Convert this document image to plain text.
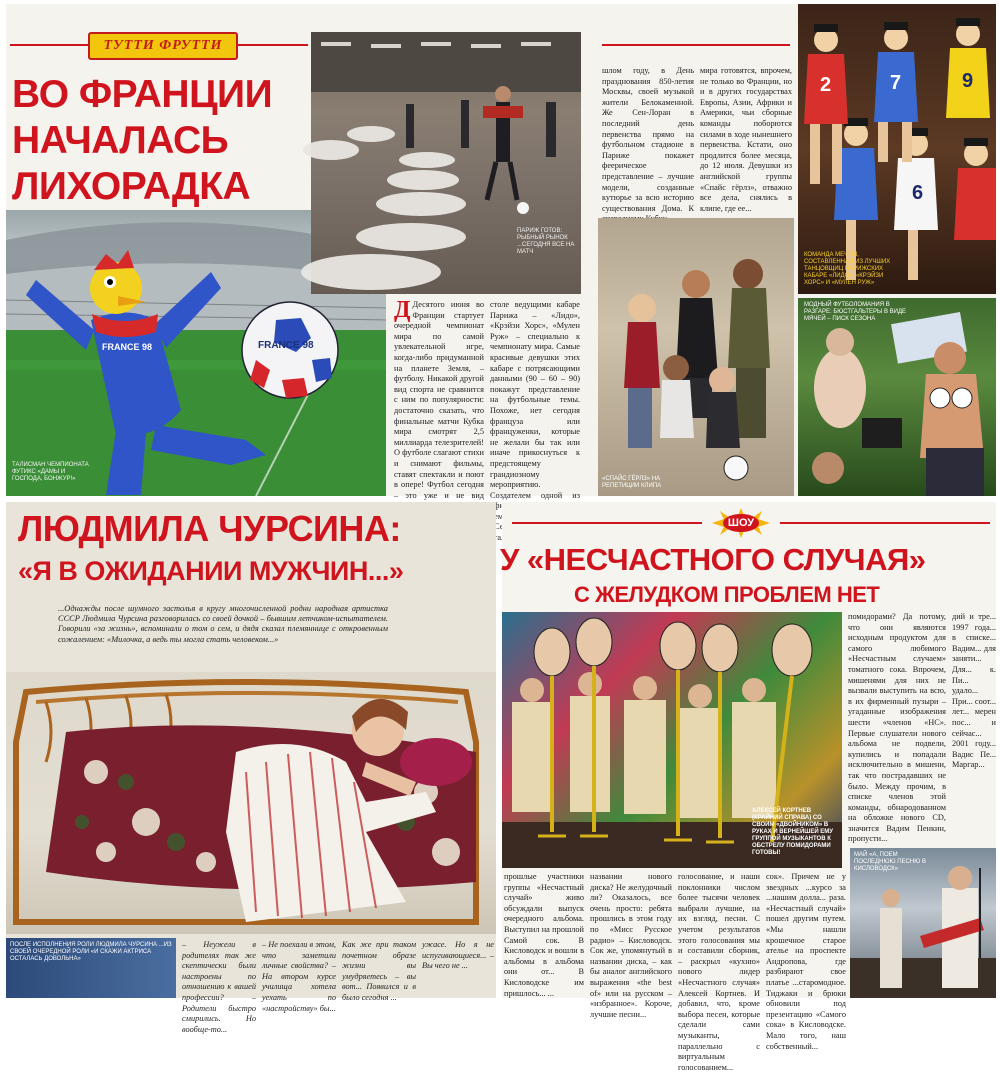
ТУТТИ ФРУТТИ
ВО ФРАНЦИИ
НАЧАЛАСЬ
ЛИХОРАДКА
FRANCE 98
FRANCE 98
ТАЛИСМАН ЧЕМПИОНАТА ФУТИКС «ДАМЫ И ГОСПОДА, БОНЖУР!»
ПАРИЖ ГОТОВ: РЫБНЫЙ РЫНОК ...СЕГОДНЯ ВСЕ НА МАТЧ
Д Десятого июня во Франции стартует очередной чемпионат мира по самой увлекательной игре, когда-либо придуманной на планете Земля, – футболу. Никакой другой вид спорта не сравнится с ним по популярности: достаточно сказать, что финальные матчи Кубка мира смотрят 2,5 миллиарда телезрителей! О футболе слагают стихи и снимают фильмы, ставят спектакли и поют в опере! Футбол сегодня – это уже и не вид
столе ведущими кабаре Парижа – «Лидо», «Крэйзи Хорс», «Мулен Руж» – специально к чемпионату мира. Самые красивые девушки этих кабаре с потрясающими данными (90 – 60 – 90) покажут представление на футбольные темы. Похоже, нет сегодня француза или француженки, которые не желали бы так или иначе прикоснуться к предстоящему грандиозному мероприятию. Создателем одной из стал
шлом году, в День празднования 850-летия Москвы, своей музыкой жители Белокаменной. Же Сен-Лоран в последний день первенства прямо на футбольном стадионе в Париже покажет феерическое представление – лучшие модели, созданные кутюрье за всю историю существования Дома. К
мира готовятся, впрочем, не только во Франции, но и в других государствах Европы, Азии, Африки и Америки, чьи сборные команды поборются силами в ходе нынешнего первенства. Кстати, оно продлится более месяца, до 12 июля. Девушки из английской группы «Спайс гёрлз», отважно все дела, снялись в клипе, где ее...
«СПАЙС ГЁРЛЗ» НА РЕПЕТИЦИИ КЛИПА
2	7
6
9
КОМАНДА МЕЧТЫ, СОСТАВЛЕННАЯ ИЗ ЛУЧШИХ ТАНЦОВЩИЦ ПАРИЖСКИХ КАБАРЕ «ЛИДО», «КРЭЙЗИ ХОРС» И «МУЛЕН РУЖ»
МОДНЫЙ ФУТБОЛОМАНИЯ В РАЗГАРЕ: БЮСТГАЛЬТЕРЫ В ВИДЕ МЯЧЕЙ – ПИСК СЕЗОНА
ЛЮДМИЛА ЧУРСИНА:
«Я В ОЖИДАНИИ МУЖЧИН...»
...Однажды после шумного застолья в кругу многочисленной родни народная артистка СССР Людмила Чурсина разговорилась со своей дочкой – бывшим летчиком-испытателем. Говорили «за жизнь», вспоминали о том о сем, и дядя сказал племяннице с откровенным сожалением: «Милочка, а ведь ты могла стать человеком...»
ПОСЛЕ ИСПОЛНЕНИЯ РОЛИ ЛЮДМИЛА ЧУРСИНА ...ИЗ СВОЕЙ ОЧЕРЕДНОЙ РОЛИ «И СКАЖИ АКТРИСА ОСТАЛАСЬ ДОВОЛЬНА»
– Неужели в родителях так же скептически были настроены по отношению к вашей профессии? – Родители быстро смирились. Но вообще-то...
– Не поехали в этом, что заметили личные свойства? – На втором курсе училища хотела уехать по «настройству» бы...
Как же при таком почетном образе жизни вы умудряетесь – вы вот... Появился и в было сегодня ...
ужасе. Но я не испугивающиеся... – Вы чего не ...
ШОУ
У «НЕСЧАСТНОГО СЛУЧАЯ»
С ЖЕЛУДКОМ ПРОБЛЕМ НЕТ
АЛЕКСЕЙ КОРТНЕВ (КРАЙНИЙ СПРАВА) СО СВОИМ «ДВОЙНИКОМ» В РУКАХ И ВЕРНЕЙШЕЙ ЕМУ ГРУППОЙ МУЗЫКАНТОВ К ОБСТРЕЛУ ПОМИДОРАМИ ГОТОВЫ!
помидорами? Да потому, что они являются исходным продуктом для самого любимого «Несчастным случаем» томатного сока. Впрочем, мишенями для них не вызвали выступить на всю, в их фирменный пузыри – угаданные изображения шести «членов «НС». Первые слушатели нового альбома не подвели, купились и попадали исключительно в мишени, так что пострадавших не было. Между прочим, в списке членов этой команды, обнародованном на обложке нового CD, значится Вадим Пенкин, пропусти...
дий и тре... 1997 года... в списке... Вадим... для заняти... Для... к. Пи... удало... При... соот... лет... мерен пос... и сейчас... 2001 году... Вадис Пе... Маргар...
МАЙ «А, ПОЕМ ПОСЛЕДНЮЮ ПЕСНЮ В КИСЛОВОДСК»
прошлые участники группы «Несчастный случай» живо обсуждали выпуск очередного альбома. Выступил на прошлой Самой сок. В Кисловодск и вошли в альбомы в альбома они от... В Кисловодске им пришлось... ...
названии нового диска? Не желудочный ли? Оказалось, все очень просто: ребята прошлись в этом году по «Мисс Русское радио» – Кисловодск. Сок же, упомянутый в названии диска, – как бы аналог английского выражения «the best of» или на русском – «избранное». Короче, лучшие песни...
голосование, и наши поклонники числом более тысячи человек выбрали лучшие, на их взгляд, песни. С учетом результатов этого голосования мы и составили сборник, – раскрыл «кухню» нового лидер «Несчастного случая» Алексей Кортнев. И добавил, что, кроме выбора песен, которые сделали сами музыканты, параллельно с виртуальным голосованием...
сок». Причем не у звездных ...курсо за ...нашим долла... раза. «Несчастный случай» пошел другим путем. «Мы нашли крошечное старое ателье на проспекте Андропова, где разбирают свое платье ...старомодное. Тиджаки и брюки обновили под презентацию «Самого сока» в Кисловодске. Мало того, наш собственный...
